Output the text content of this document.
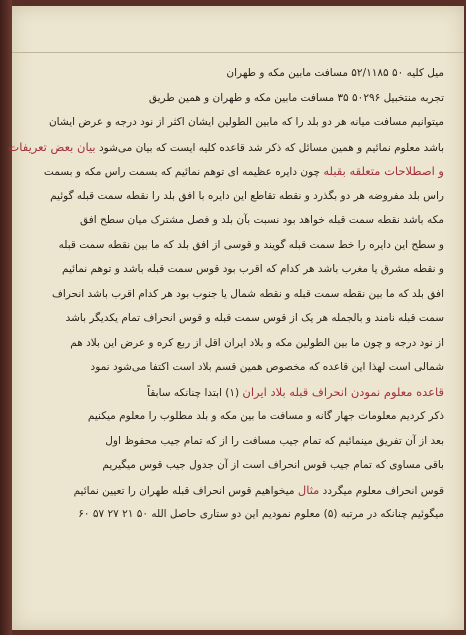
میل کلیه ۵۰ ۵۲/۱۱۸۵ مسافت مابین مکه و طهران
تجربه منتخبیل ۵۰۲۹۶ ۳۵ مسافت مابین مکه و طهران و همین طریق
میتوانیم مسافت میانه هر دو بلد را که مابین الطولین ایشان اکثر از نود درجه و عرض ایشان
باشد معلوم نمائیم و همین مسائل که ذکر شد قاعده کلیه ایست که بیان می‌شود بیان بعض تعریفات
و اصطلاحات متعلقه بقبله چون دایره عظیمه ای توهم نمائیم که بسمت راس مکه و بسمت
راس بلد مفروضه هر دو بگذرد و نقطه تقاطع این دایره با افق بلد را نقطه سمت قبله گوئیم
مکه باشد نقطه سمت قبله خواهد بود نسبت بآن بلد و فصل مشترک میان سطح افق
و سطح این دایره را خط سمت قبله گویند و قوسی از افق بلد که ما بین نقطه سمت قبله
و نقطه مشرق یا مغرب باشد هر کدام که اقرب بود قوس سمت قبله باشد و توهم نمائیم
افق بلد که ما بین نقطه سمت قبله و نقطه شمال یا جنوب بود هر کدام اقرب باشد انحراف
سمت قبله نامند و بالجمله هر یک از قوس سمت قبله و قوس انحراف تمام یکدیگر باشد
از نود درجه و چون ما بین الطولین مکه و بلاد ایران اقل از ربع کره و عرض این بلاد هم
شمالی است لهذا این قاعده که مخصوص همین قسم بلاد است اکتفا می‌شود نمود
قاعده معلوم نمودن انحراف قبله بلاد ایران (۱) ابتدا چنانکه سابقاً
ذکر کردیم معلومات جهار گانه و مسافت ما بین مکه و بلد مطلوب را معلوم میکنیم
بعد از آن تفریق مینمائیم که تمام جیب مسافت را از که تمام جیب محفوظ اول
باقی مساوی که تمام جیب قوس انحراف است از آن جدول جیب قوس میگیریم
قوس انحراف معلوم میگردد مثال میخواهیم قوس انحراف قبله طهران را تعیین نمائیم
میگوئیم چنانکه در مرتبه (۵) معلوم نمودیم این دو ستاری حاصل الله ۵۰ ۲۱ ۲۷ ۵۷ ۶۰
